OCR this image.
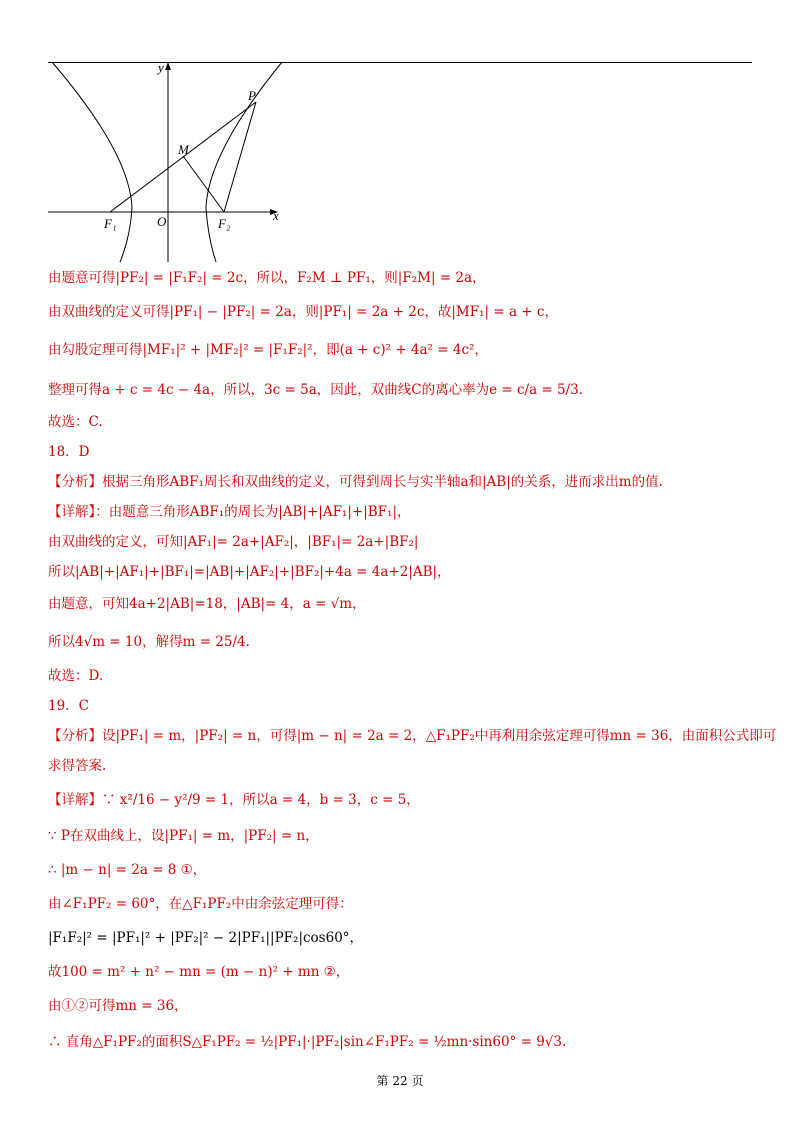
y
x
P
M
O
F₁	F₂
由题意可得|PF₂| = |F₁F₂| = 2c，所以，F₂M ⊥ PF₁，则|F₂M| = 2a，
由双曲线的定义可得|PF₁| − |PF₂| = 2a，则|PF₁| = 2a + 2c，故|MF₁| = a + c，
由勾股定理可得|MF₁|² + |MF₂|² = |F₁F₂|²，即(a + c)² + 4a² = 4c²，
整理可得a + c = 4c − 4a，所以，3c = 5a，因此，双曲线C的离心率为e = c/a = 5/3.
故选：C.
18．D
【分析】根据三角形ABF₁周长和双曲线的定义，可得到周长与实半轴a和|AB|的关系，进而求出m的值.
【详解】：由题意三角形ABF₁的周长为|AB|+|AF₁|+|BF₁|，
由双曲线的定义，可知|AF₁|= 2a+|AF₂|，|BF₁|= 2a+|BF₂|
所以|AB|+|AF₁|+|BF₁|=|AB|+|AF₂|+|BF₂|+4a = 4a+2|AB|，
由题意，可知4a+2|AB|=18，|AB|= 4，a = √m，
所以4√m = 10，解得m = 25/4.
故选：D.
19．C
【分析】设|PF₁| = m，|PF₂| = n，可得|m − n| = 2a = 2，△F₁PF₂中再利用余弦定理可得mn = 36，由面积公式即可
求得答案.
【详解】∵ x²/16 − y²/9 = 1，所以a = 4，b = 3，c = 5，
∵ P在双曲线上，设|PF₁| = m，|PF₂| = n，
∴ |m − n| = 2a = 8 ①，
由∠F₁PF₂ = 60°，在△F₁PF₂中由余弦定理可得：
|F₁F₂|² = |PF₁|² + |PF₂|² − 2|PF₁||PF₂|cos60°，
故100 = m² + n² − mn = (m − n)² + mn ②，
由①②可得mn = 36，
∴ 直角△F₁PF₂的面积S△F₁PF₂ = ½|PF₁|·|PF₂|sin∠F₁PF₂ = ½mn·sin60° = 9√3.
第 22 页
